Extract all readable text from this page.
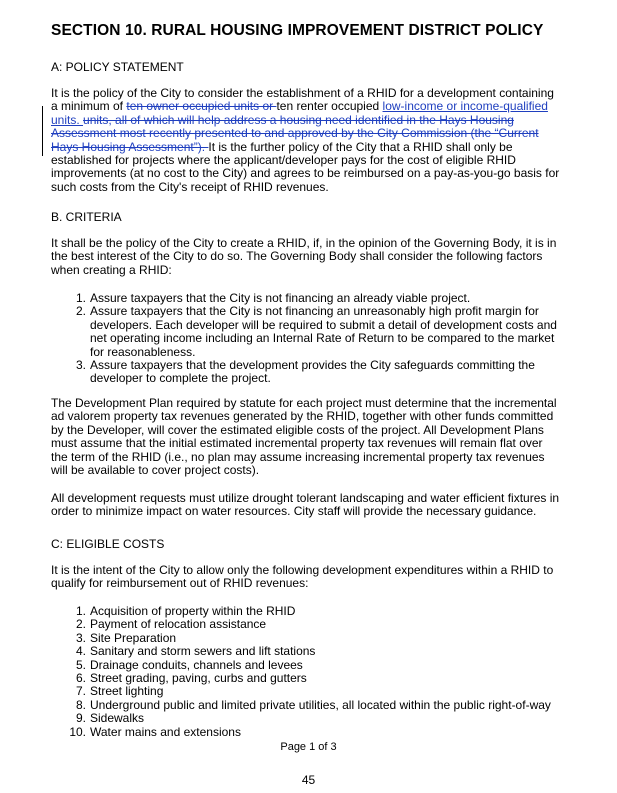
SECTION 10. RURAL HOUSING IMPROVEMENT DISTRICT POLICY
A: POLICY STATEMENT
It is the policy of the City to consider the establishment of a RHID for a development containing
a minimum of ten owner occupied units or ten renter occupied low-income or income-qualified
units. units, all of which will help address a housing need identified in the Hays Housing
Assessment most recently presented to and approved by the City Commission (the “Current
Hays Housing Assessment”). It is the further policy of the City that a RHID shall only be
established for projects where the applicant/developer pays for the cost of eligible RHID
improvements (at no cost to the City) and agrees to be reimbursed on a pay-as-you-go basis for
such costs from the City's receipt of RHID revenues.
B. CRITERIA
It shall be the policy of the City to create a RHID, if, in the opinion of the Governing Body, it is in
the best interest of the City to do so. The Governing Body shall consider the following factors
when creating a RHID:
1. Assure taxpayers that the City is not financing an already viable project.
2. Assure taxpayers that the City is not financing an unreasonably high profit margin for
developers. Each developer will be required to submit a detail of development costs and
net operating income including an Internal Rate of Return to be compared to the market
for reasonableness.
3. Assure taxpayers that the development provides the City safeguards committing the
developer to complete the project.
The Development Plan required by statute for each project must determine that the incremental
ad valorem property tax revenues generated by the RHID, together with other funds committed
by the Developer, will cover the estimated eligible costs of the project. All Development Plans
must assume that the initial estimated incremental property tax revenues will remain flat over
the term of the RHID (i.e., no plan may assume increasing incremental property tax revenues
will be available to cover project costs).
All development requests must utilize drought tolerant landscaping and water efficient fixtures in
order to minimize impact on water resources. City staff will provide the necessary guidance.
C: ELIGIBLE COSTS
It is the intent of the City to allow only the following development expenditures within a RHID to
qualify for reimbursement out of RHID revenues:
1. Acquisition of property within the RHID
2. Payment of relocation assistance
3. Site Preparation
4. Sanitary and storm sewers and lift stations
5. Drainage conduits, channels and levees
6. Street grading, paving, curbs and gutters
7. Street lighting
8. Underground public and limited private utilities, all located within the public right-of-way
9. Sidewalks
10. Water mains and extensions
Page 1 of 3
45
